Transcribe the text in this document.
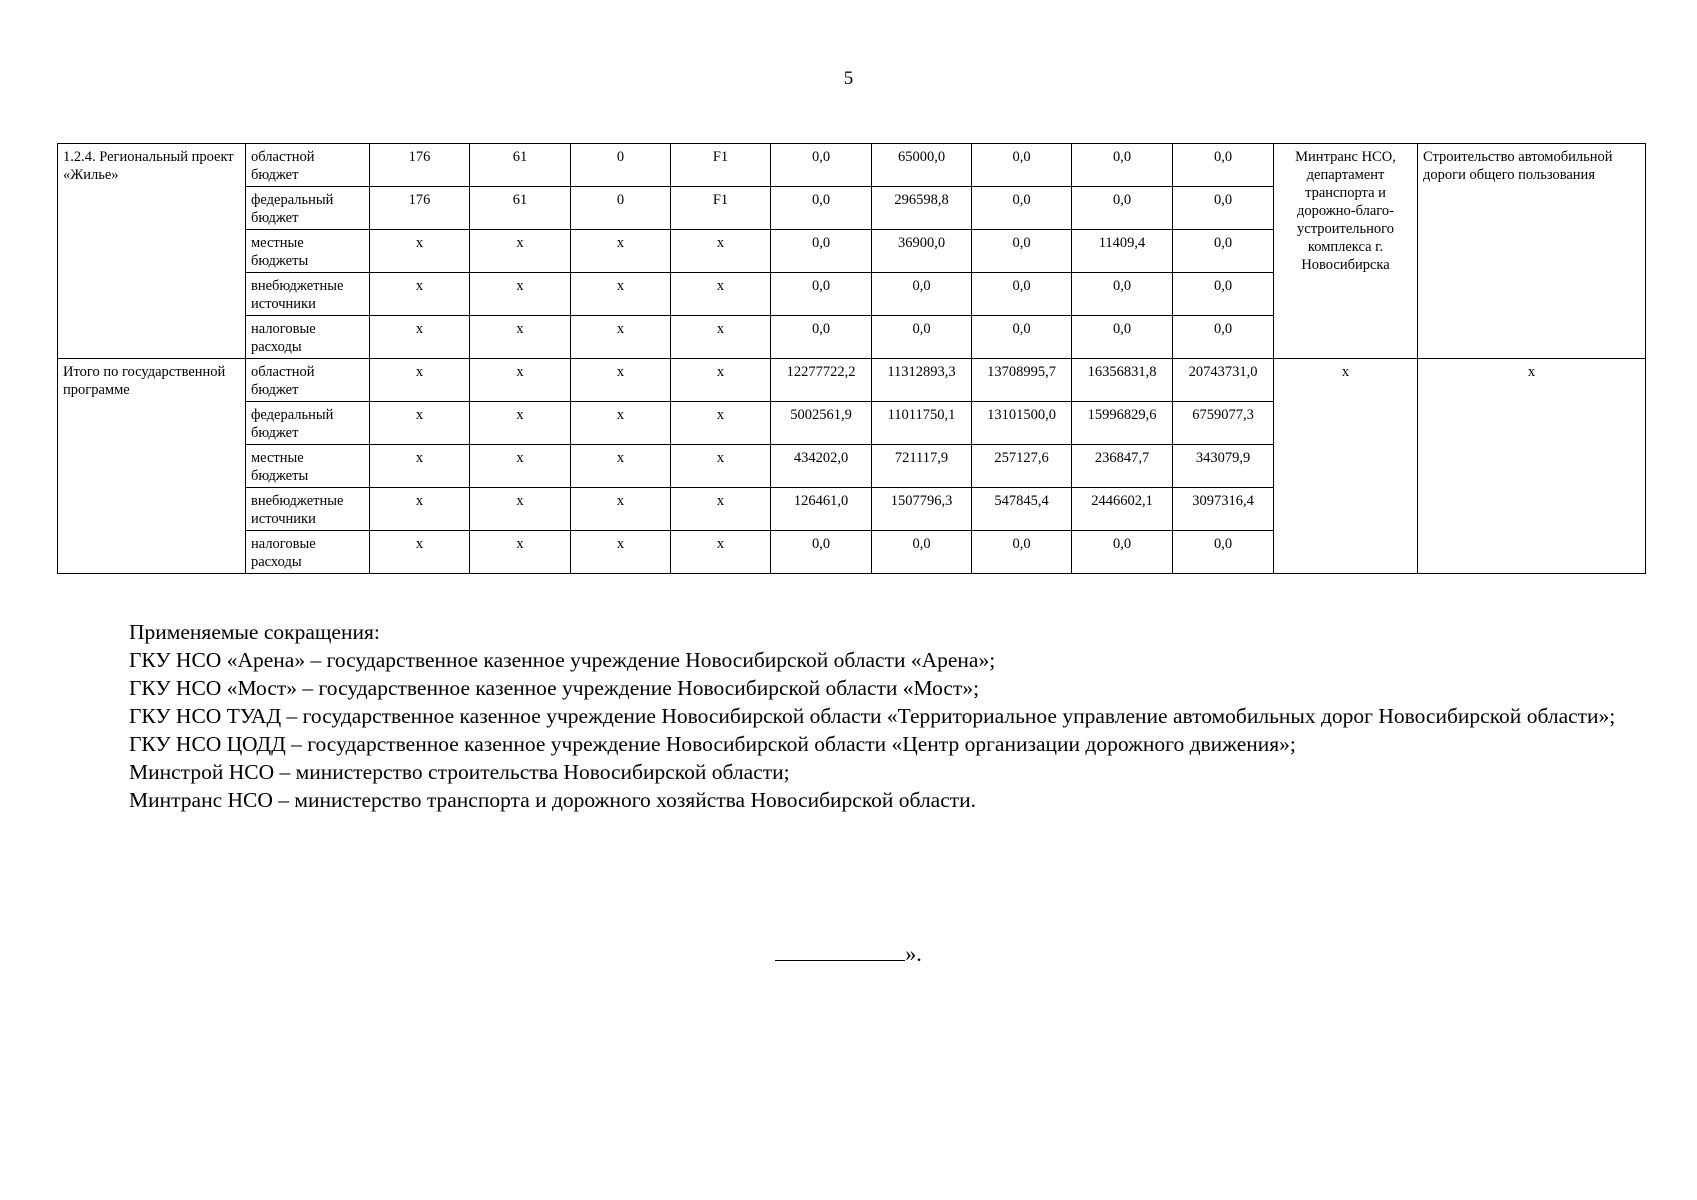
5
1.2.4. Региональный проект «Жилье»	областной бюджет	176	61	0	F1	0,0	65000,0	0,0	0,0	0,0	Минтранс НСО, департамент транспорта и дорожно-благо-устроительного комплекса г. Новосибирска	Строительство автомобильной дороги общего пользования
	федеральный бюджет	176	61	0	F1	0,0	296598,8	0,0	0,0	0,0		
	местные бюджеты	x	x	x	x	0,0	36900,0	0,0	11409,4	0,0		
	внебюджетные источники	x	x	x	x	0,0	0,0	0,0	0,0	0,0		
	налоговые расходы	x	x	x	x	0,0	0,0	0,0	0,0	0,0		
Итого по государственной программе	областной бюджет	x	x	x	x	12277722,2	11312893,3	13708995,7	16356831,8	20743731,0	x	x
	федеральный бюджет	x	x	x	x	5002561,9	11011750,1	13101500,0	15996829,6	6759077,3		
	местные бюджеты	x	x	x	x	434202,0	721117,9	257127,6	236847,7	343079,9		
	внебюджетные источники	x	x	x	x	126461,0	1507796,3	547845,4	2446602,1	3097316,4		
	налоговые расходы	x	x	x	x	0,0	0,0	0,0	0,0	0,0		

Применяемые сокращения:

ГКУ НСО «Арена» – государственное казенное учреждение Новосибирской области «Арена»;

ГКУ НСО «Мост» – государственное казенное учреждение Новосибирской области «Мост»;

ГКУ НСО ТУАД – государственное казенное учреждение Новосибирской области «Территориальное управление автомобильных дорог Новосибирской области»;

ГКУ НСО ЦОДД – государственное казенное учреждение Новосибирской области «Центр организации дорожного движения»;

Минстрой НСО – министерство строительства Новосибирской области;

Минтранс НСО – министерство транспорта и дорожного хозяйства Новосибирской области.

».
